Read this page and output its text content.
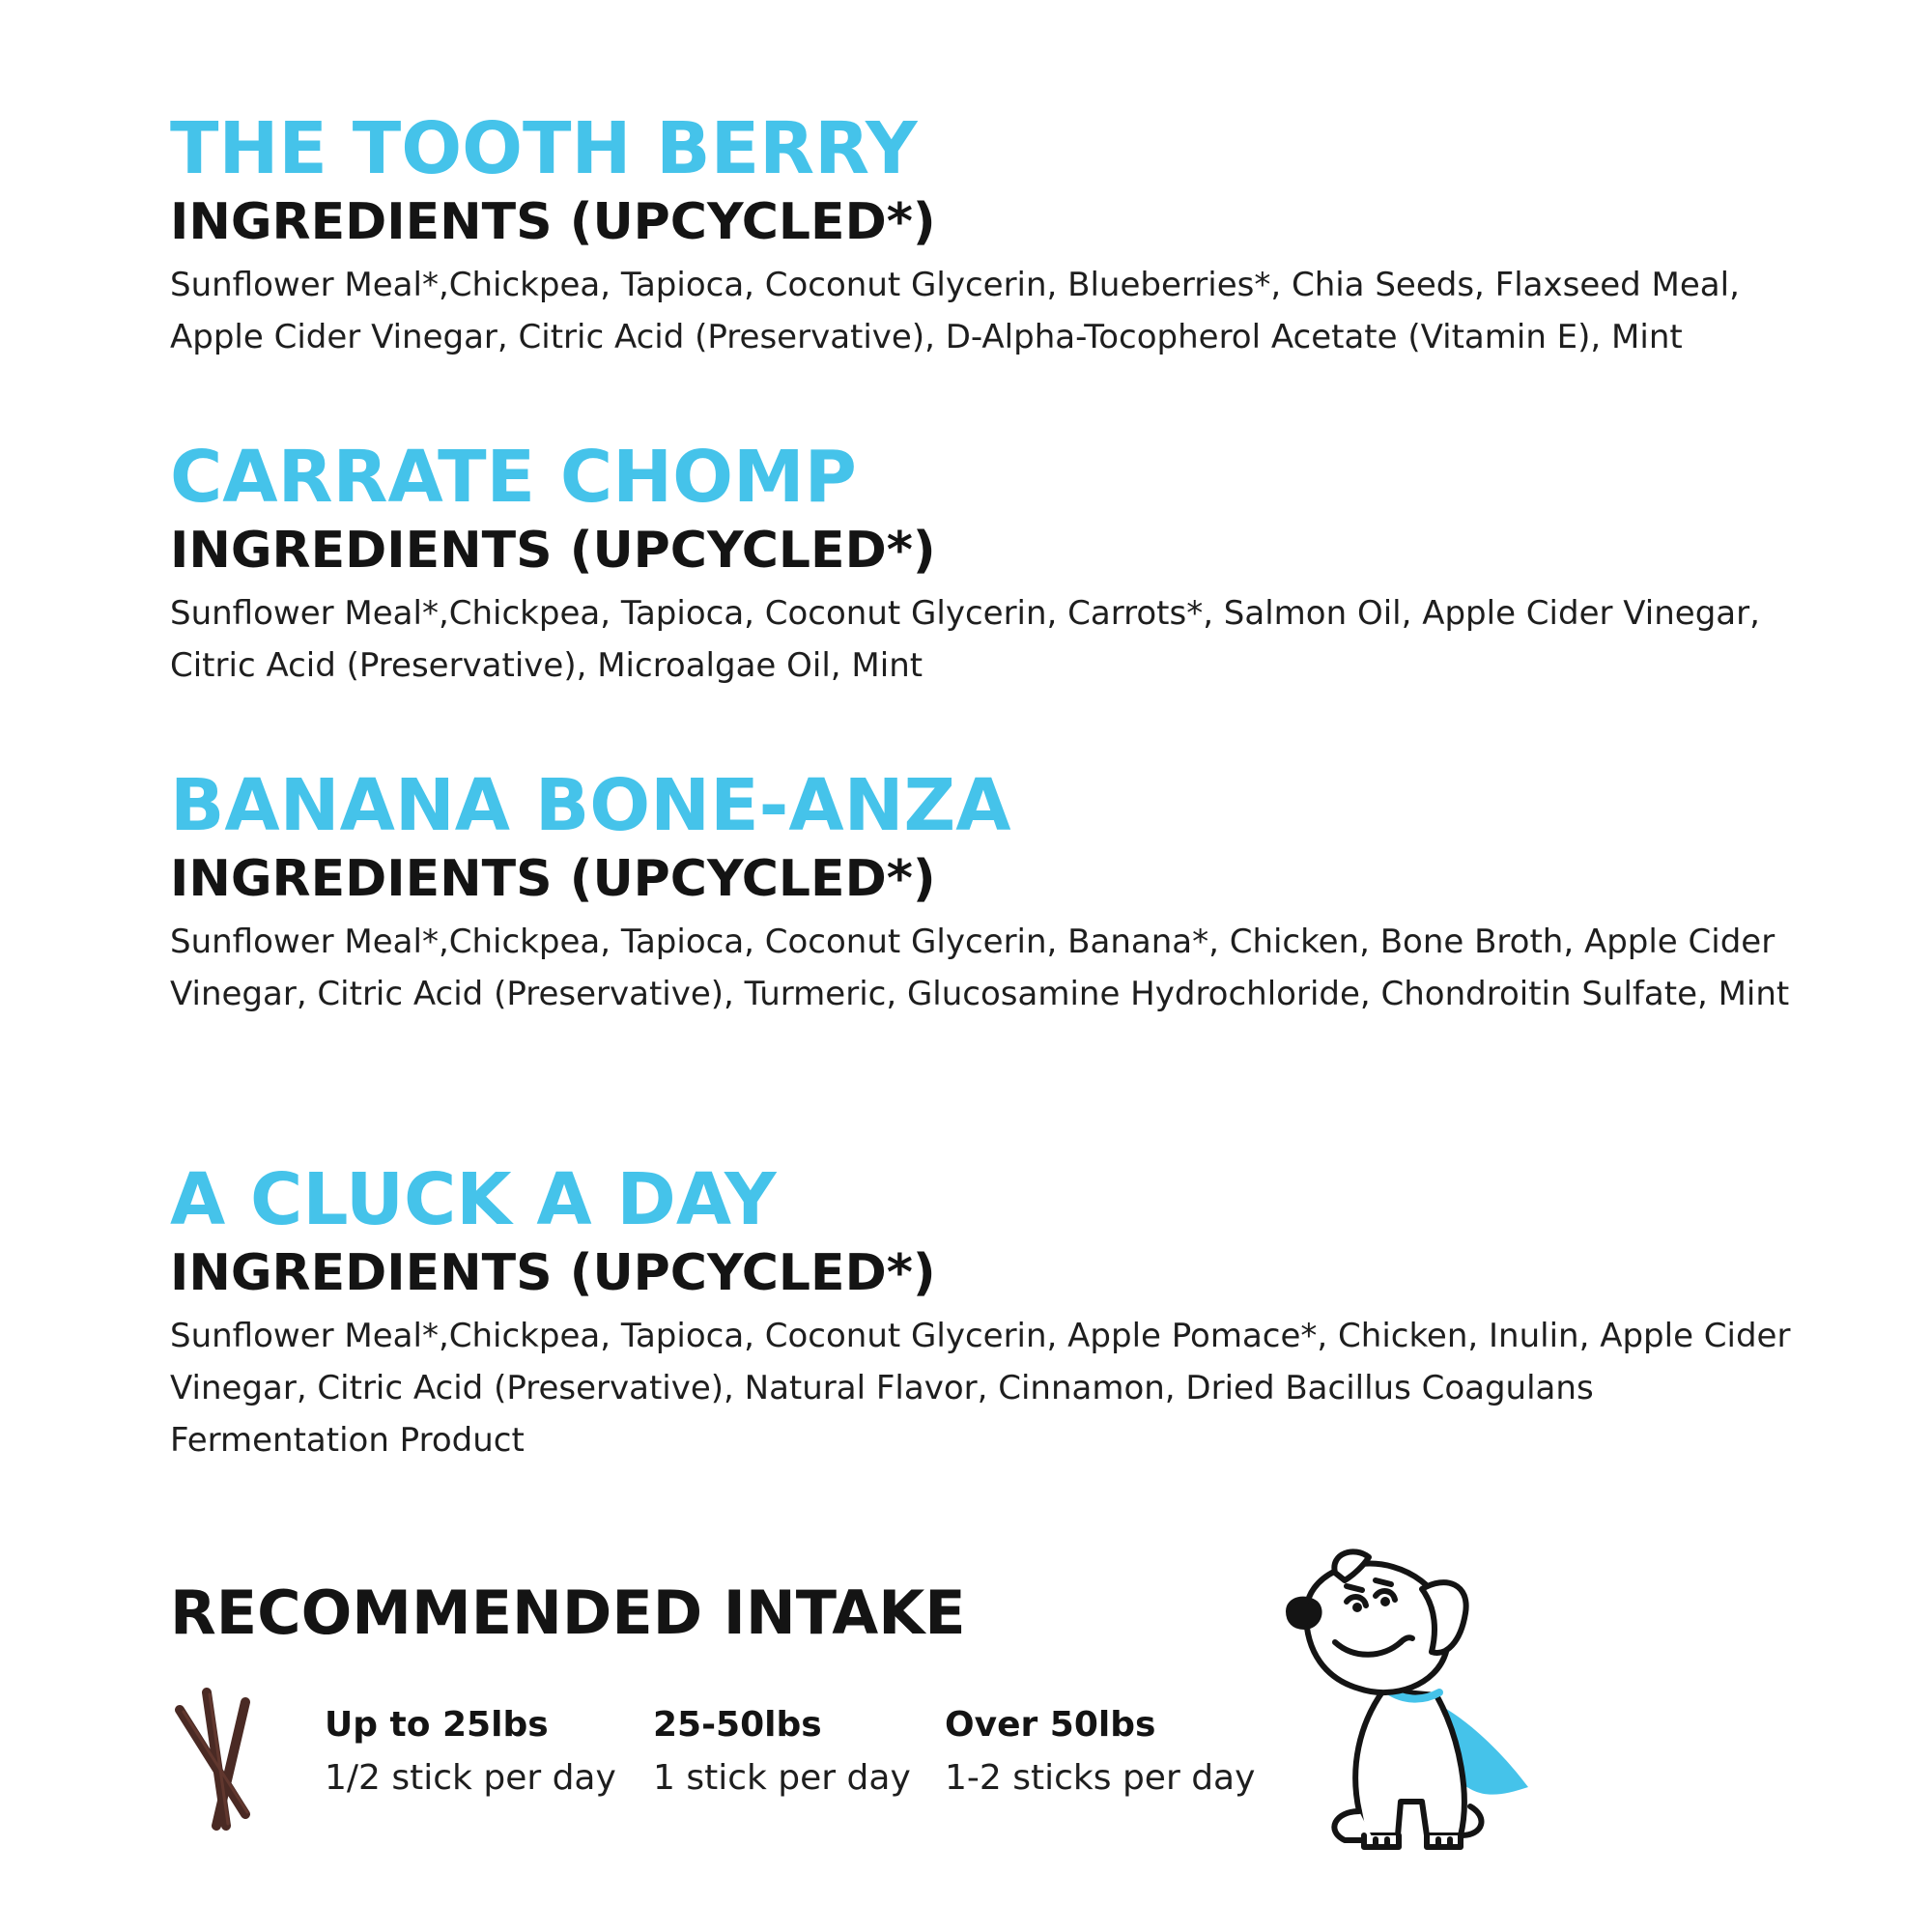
THE TOOTH BERRY
INGREDIENTS (UPCYCLED*)

Sunflower Meal*,Chickpea, Tapioca, Coconut Glycerin, Blueberries*, Chia Seeds, Flaxseed Meal, Apple Cider Vinegar, Citric Acid (Preservative), D-Alpha-Tocopherol Acetate (Vitamin E), Mint

CARRATE CHOMP
INGREDIENTS (UPCYCLED*)

Sunflower Meal*,Chickpea, Tapioca, Coconut Glycerin, Carrots*, Salmon Oil, Apple Cider Vinegar, Citric Acid (Preservative), Microalgae Oil, Mint

BANANA BONE-ANZA
INGREDIENTS (UPCYCLED*)

Sunflower Meal*,Chickpea, Tapioca, Coconut Glycerin, Banana*, Chicken, Bone Broth, Apple Cider Vinegar, Citric Acid (Preservative), Turmeric, Glucosamine Hydrochloride, Chondroitin Sulfate, Mint

A CLUCK A DAY
INGREDIENTS (UPCYCLED*)

Sunflower Meal*,Chickpea, Tapioca, Coconut Glycerin, Apple Pomace*, Chicken, Inulin, Apple Cider Vinegar, Citric Acid (Preservative), Natural Flavor, Cinnamon, Dried Bacillus Coagulans Fermentation Product

RECOMMENDED INTAKE
Up to 25lbs
1/2 stick per day
25-50lbs
1 stick per day
Over 50lbs
1-2 sticks per day
